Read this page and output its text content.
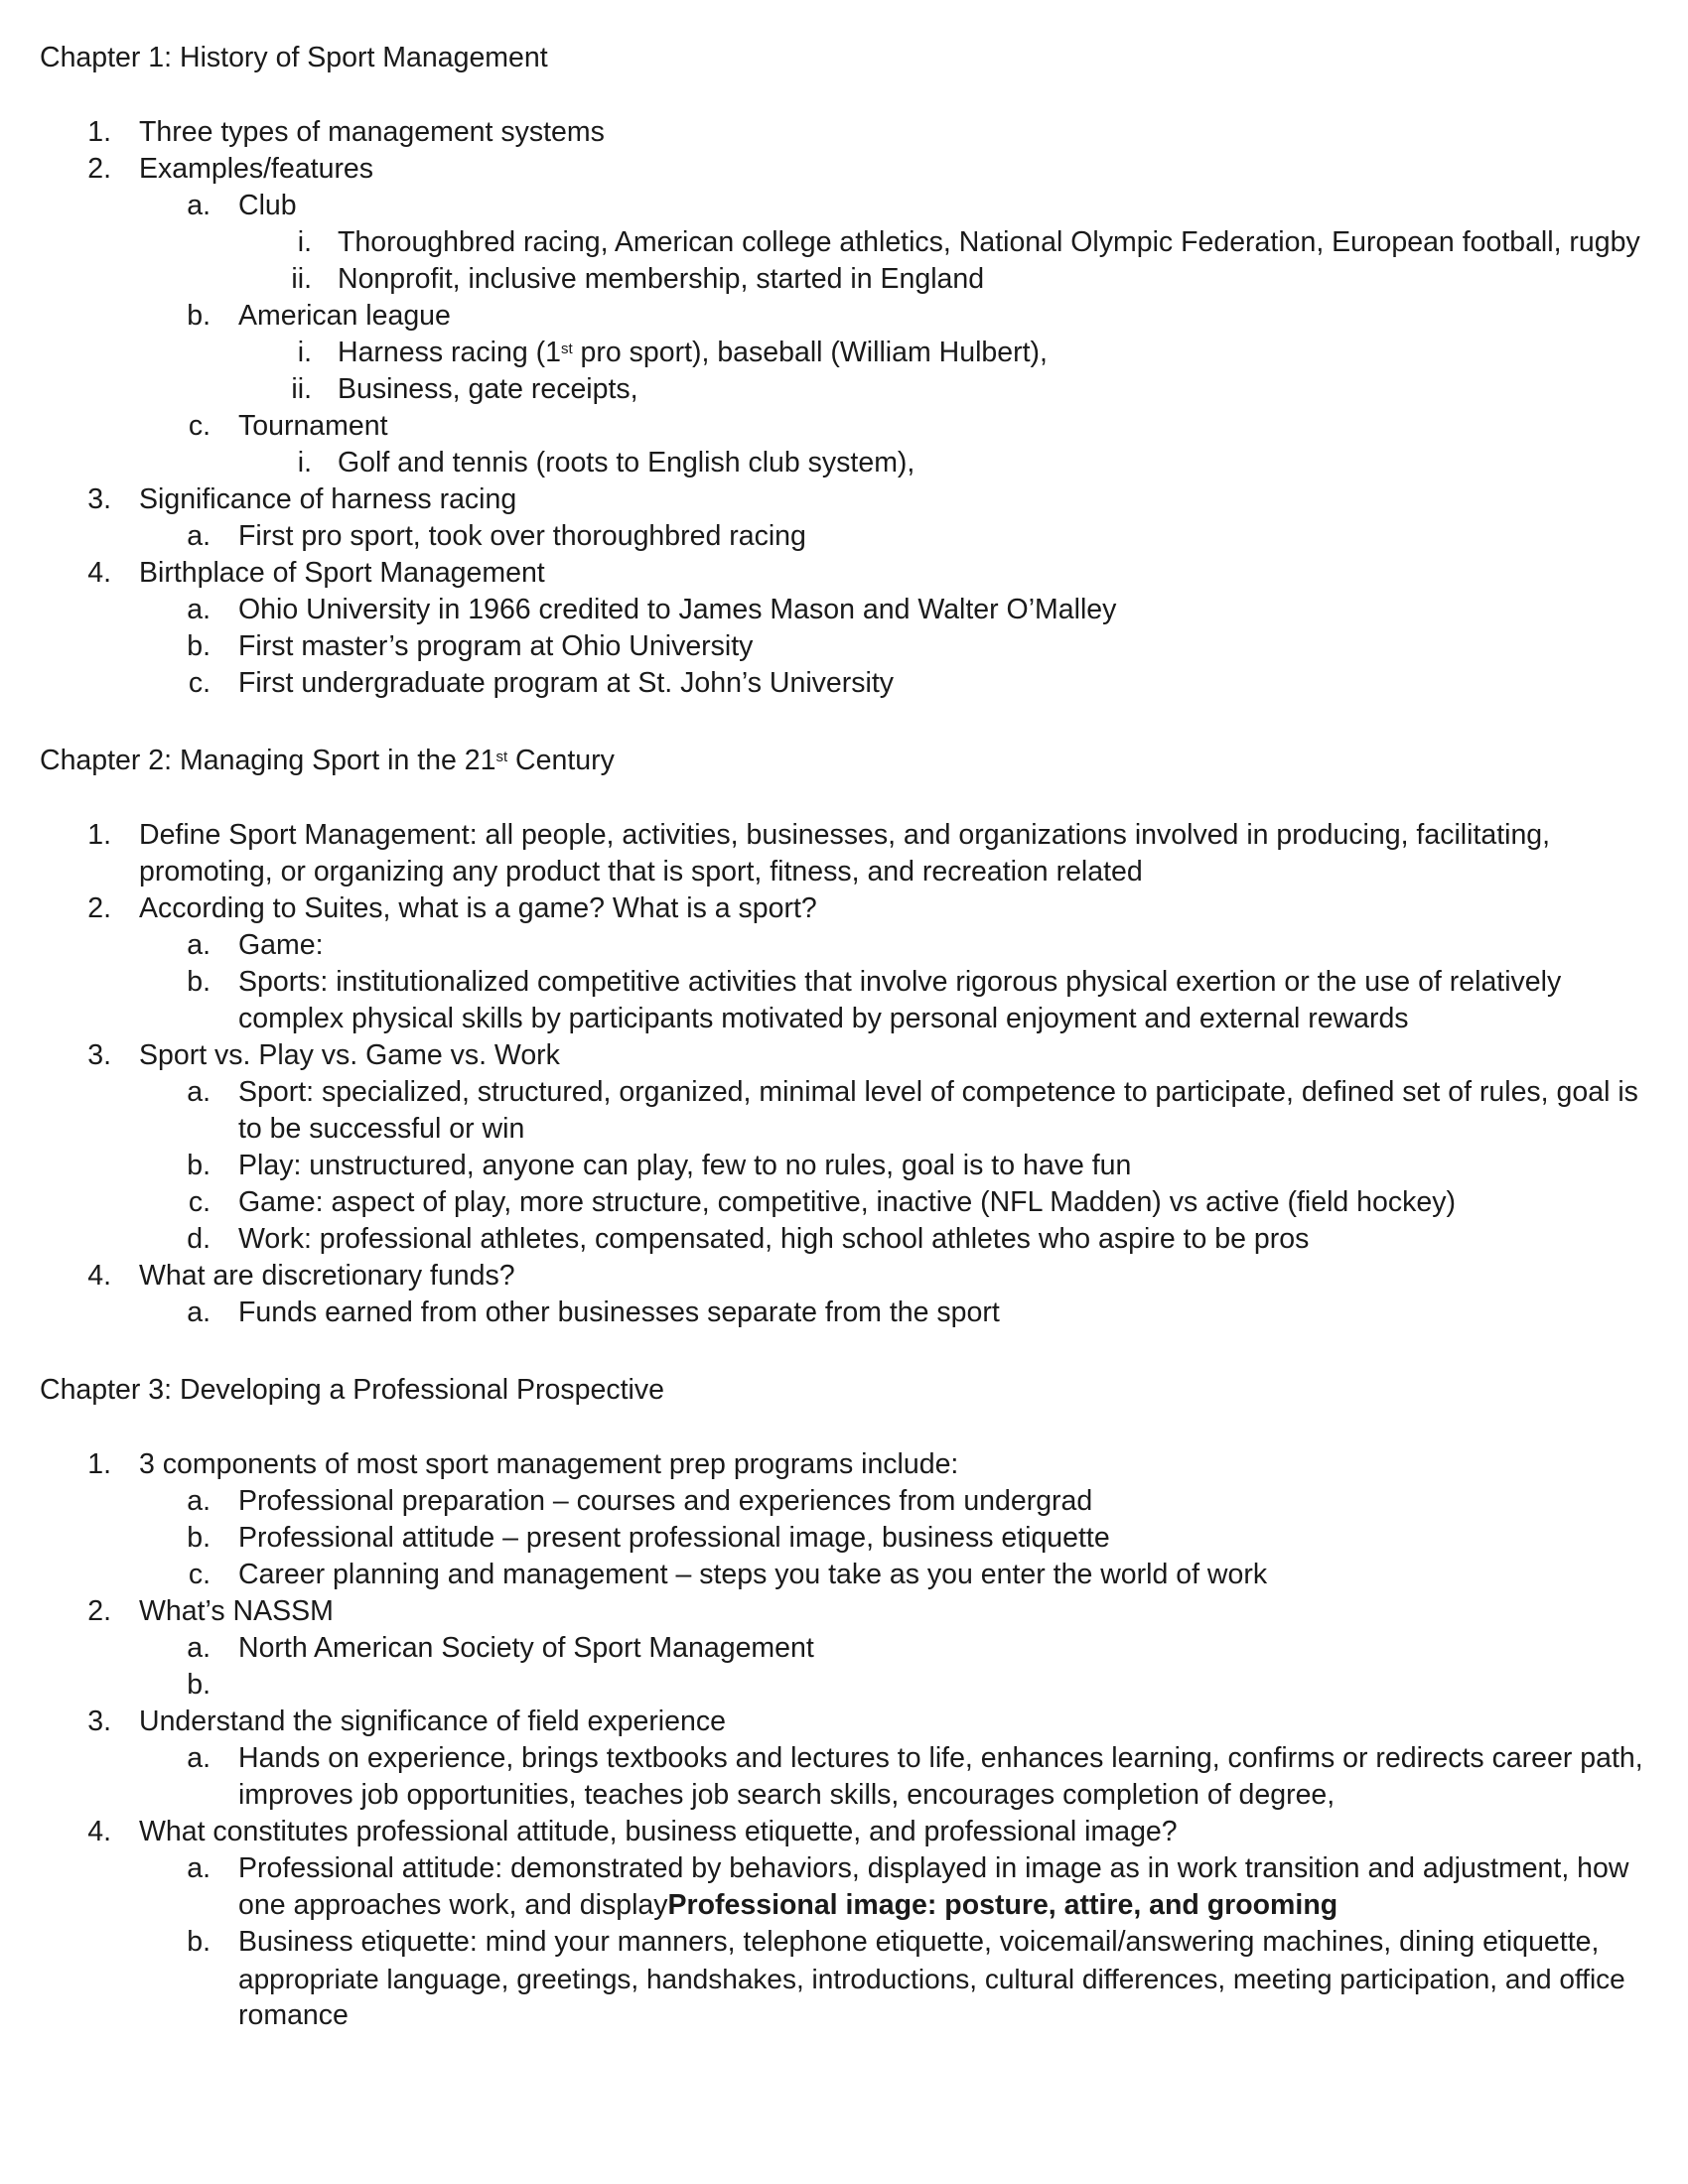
Chapter 1: History of Sport Management
1. Three types of management systems
2. Examples/features
a. Club
i. Thoroughbred racing, American college athletics, National Olympic Federation, European football, rugby
ii. Nonprofit, inclusive membership, started in England
b. American league
i. Harness racing (1st pro sport), baseball (William Hulbert),
ii. Business, gate receipts,
c. Tournament
i. Golf and tennis (roots to English club system),
3. Significance of harness racing
a. First pro sport, took over thoroughbred racing
4. Birthplace of Sport Management
a. Ohio University in 1966 credited to James Mason and Walter O’Malley
b. First master’s program at Ohio University
c. First undergraduate program at St. John’s University
Chapter 2: Managing Sport in the 21st Century
1. Define Sport Management: all people, activities, businesses, and organizations involved in producing, facilitating,
promoting, or organizing any product that is sport, fitness, and recreation related
2. According to Suites, what is a game? What is a sport?
a. Game:
b. Sports: institutionalized competitive activities that involve rigorous physical exertion or the use of relatively
complex physical skills by participants motivated by personal enjoyment and external rewards
3. Sport vs. Play vs. Game vs. Work
a. Sport: specialized, structured, organized, minimal level of competence to participate, defined set of rules, goal is
to be successful or win
b. Play: unstructured, anyone can play, few to no rules, goal is to have fun
c. Game: aspect of play, more structure, competitive, inactive (NFL Madden) vs active (field hockey)
d. Work: professional athletes, compensated, high school athletes who aspire to be pros
4. What are discretionary funds?
a. Funds earned from other businesses separate from the sport
Chapter 3: Developing a Professional Prospective
1. 3 components of most sport management prep programs include:
a. Professional preparation – courses and experiences from undergrad
b. Professional attitude – present professional image, business etiquette
c. Career planning and management – steps you take as you enter the world of work
2. What’s NASSM
a. North American Society of Sport Management
b.
3. Understand the significance of field experience
a. Hands on experience, brings textbooks and lectures to life, enhances learning, confirms or redirects career path,
improves job opportunities, teaches job search skills, encourages completion of degree,
4. What constitutes professional attitude, business etiquette, and professional image?
a. Professional attitude: demonstrated by behaviors, displayed in image as in work transition and adjustment, how
one approaches work, and displayProfessional image: posture, attire, and grooming
b. Business etiquette: mind your manners, telephone etiquette, voicemail/answering machines, dining etiquette,
appropriate language, greetings, handshakes, introductions, cultural differences, meeting participation, and office
romance
